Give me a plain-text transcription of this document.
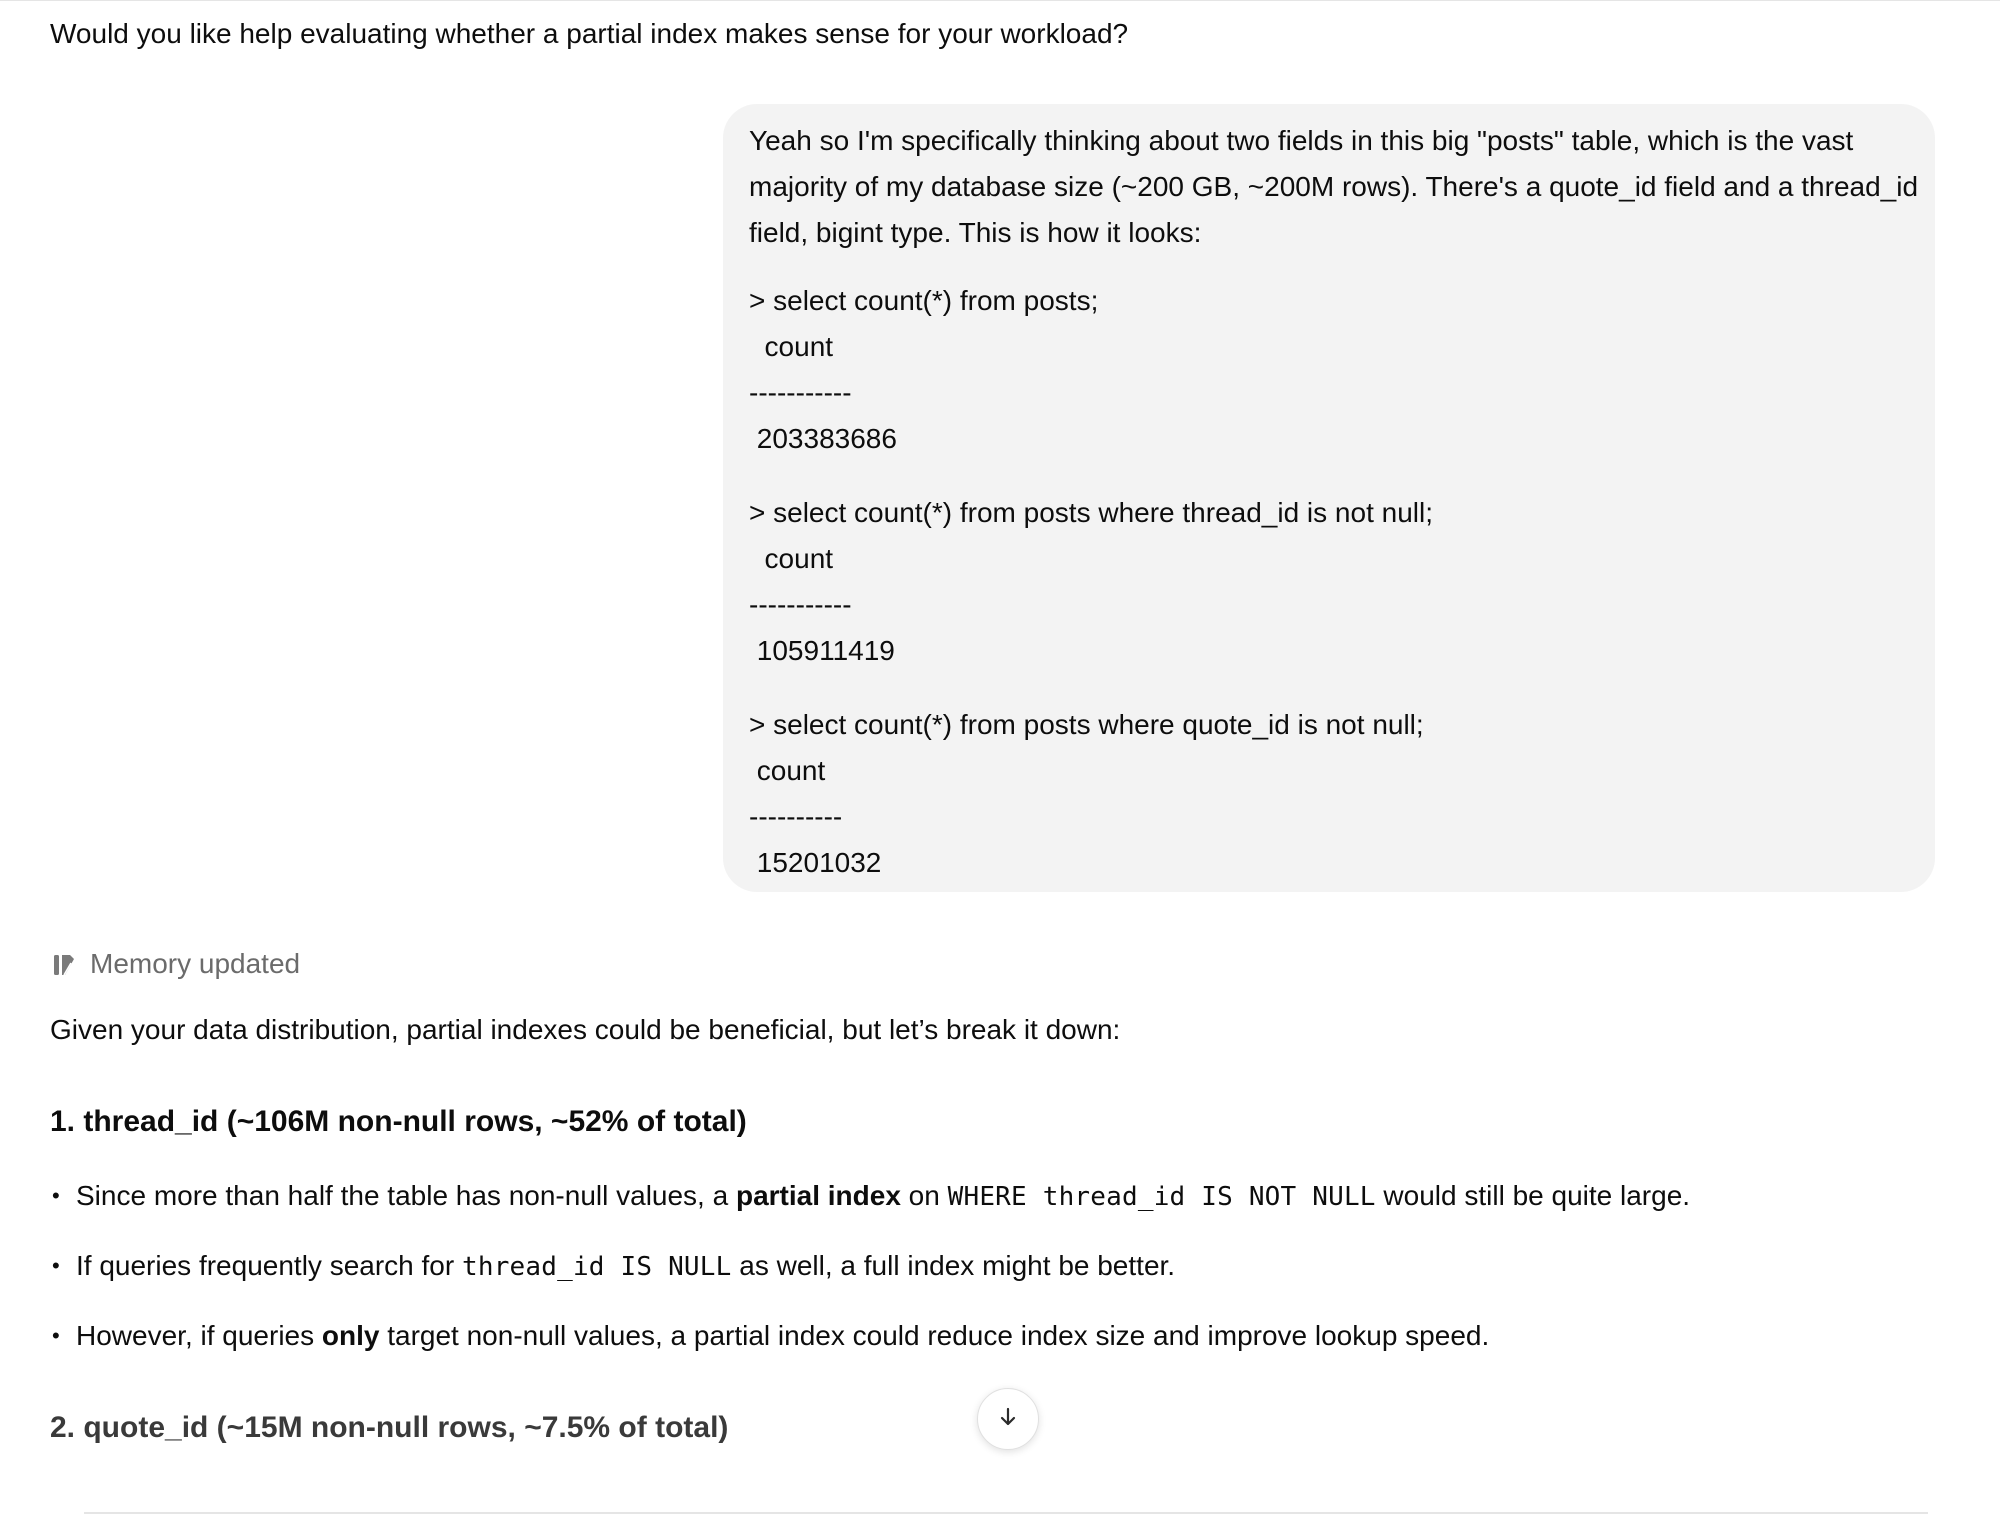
Would you like help evaluating whether a partial index makes sense for your workload?

Yeah so I'm specifically thinking about two fields in this big "posts" table, which is the vast majority of my database size (~200 GB, ~200M rows). There's a quote_id field and a thread_id field, bigint type. This is how it looks:

> select count(*) from posts;
count
-----------
203383686
> select count(*) from posts where thread_id is not null;
count
-----------
105911419
> select count(*) from posts where quote_id is not null;
count
----------
15201032
Memory updated
Given your data distribution, partial indexes could be beneficial, but let’s break it down:
1. thread_id (~106M non-null rows, ~52% of total)
• Since more than half the table has non-null values, a partial index on WHERE thread_id IS NOT NULL would still be quite large.
• If queries frequently search for thread_id IS NULL as well, a full index might be better.
• However, if queries only target non-null values, a partial index could reduce index size and improve lookup speed.
2. quote_id (~15M non-null rows, ~7.5% of total)
